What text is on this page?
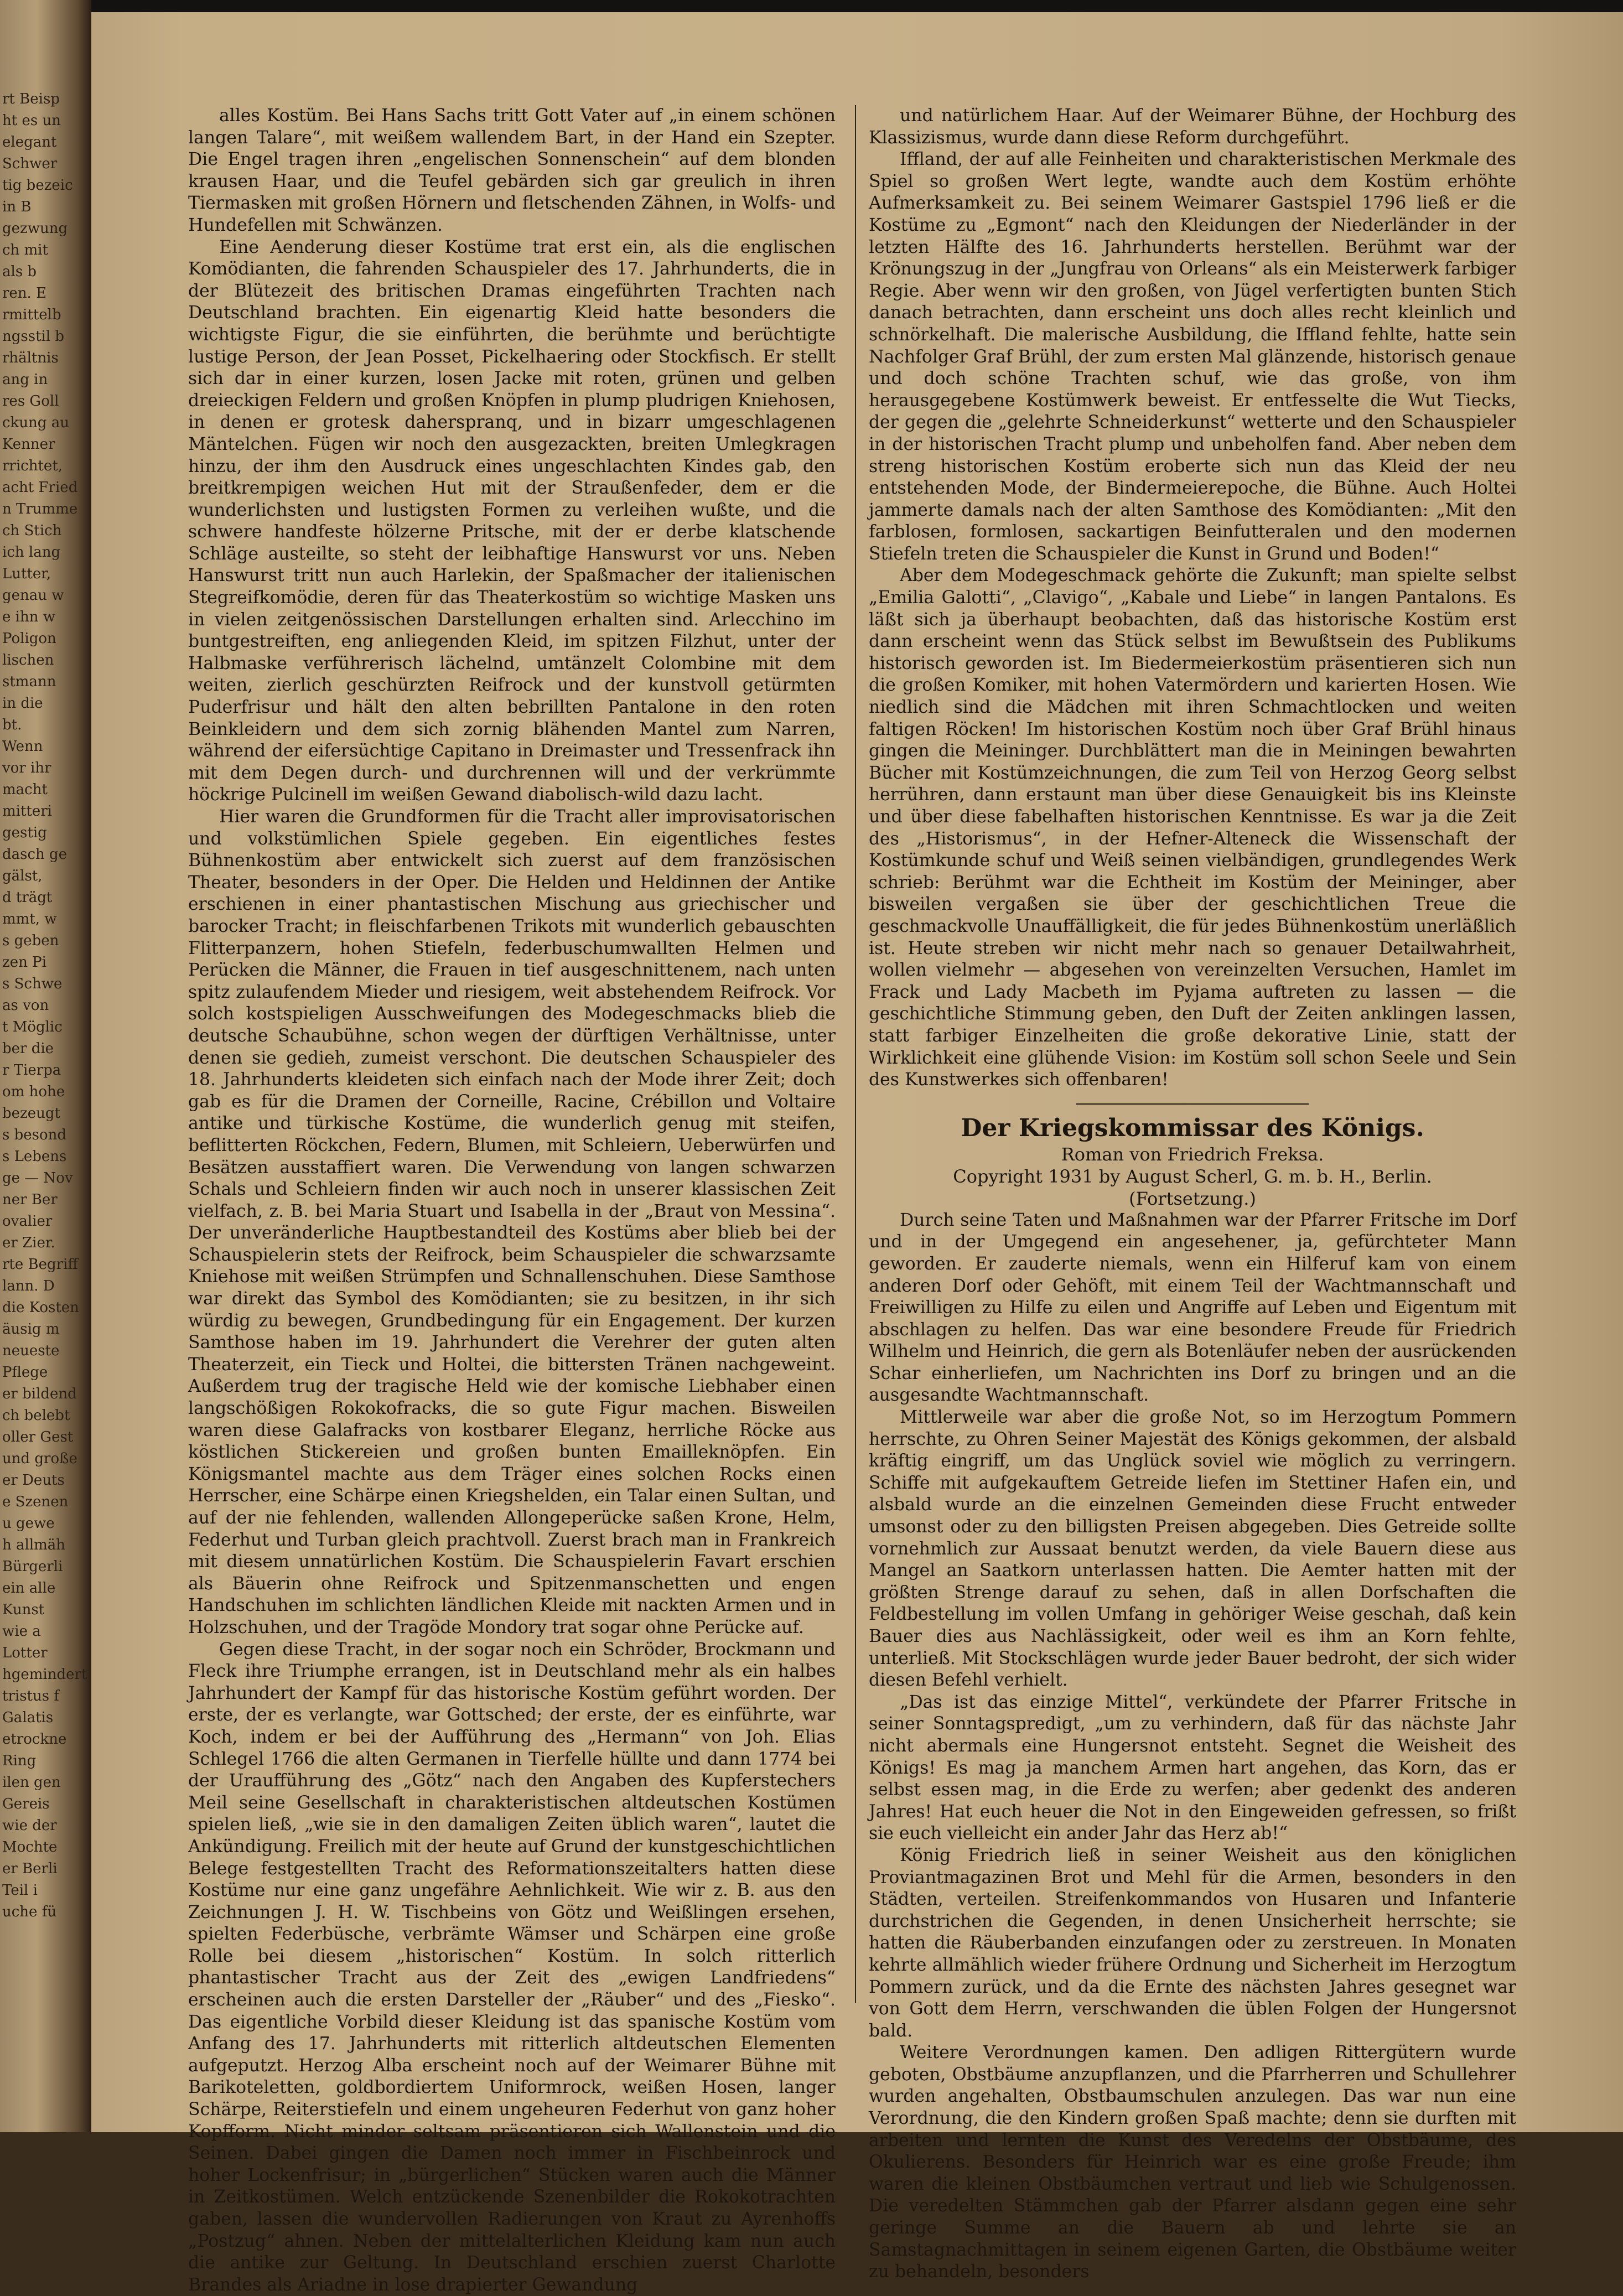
rt Beisp
ht es un
elegant
Schwer
tig bezeic
in B
gezwung
ch mit
als b
ren. E
rmittelb
ngsstil b
rhältnis
ang in
res Goll
ckung au
Kenner
rrichtet,
acht Fried
n Trumme
ch Stich
ich lang
Lutter,
genau w
e ihn w
Poligon
lischen
stmann
in die
bt.
Wenn
vor ihr
macht
mitteri
gestig
dasch ge
gälst,
d trägt
mmt, w
s geben
zen Pi
s Schwe
as von
t Möglic
ber die
r Tierpa
om hohe
bezeugt
s besond
s Lebens
ge — Nov
ner Ber
ovalier
er Zier.
rte Begriff
lann. D
die Kosten
äusig m
neueste
Pflege
er bildend
ch belebt
oller Gest
und große
er Deuts
e Szenen
u gewe
h allmäh
Bürgerli
ein alle
Kunst
wie a
Lotter
hgemindert
tristus f
Galatis
etrockne
Ring
ilen gen
Gereis
wie der
Mochte
er Berli
Teil i
uche fü

alles Kostüm. Bei Hans Sachs tritt Gott Vater auf „in einem schönen langen Talare“, mit weißem wallendem Bart, in der Hand ein Szepter. Die Engel tragen ihren „engelischen Sonnenschein“ auf dem blonden krausen Haar, und die Teufel gebärden sich gar greulich in ihren Tiermasken mit großen Hörnern und fletschenden Zähnen, in Wolfs- und Hundefellen mit Schwänzen.

Eine Aenderung dieser Kostüme trat erst ein, als die englischen Komödianten, die fahrenden Schauspieler des 17. Jahrhunderts, die in der Blütezeit des britischen Dramas eingeführten Trachten nach Deutschland brachten. Ein eigenartig Kleid hatte besonders die wichtigste Figur, die sie einführten, die berühmte und berüchtigte lustige Person, der Jean Posset, Pickelhaering oder Stockfisch. Er stellt sich dar in einer kurzen, losen Jacke mit roten, grünen und gelben dreieckigen Feldern und großen Knöpfen in plump pludrigen Kniehosen, in denen er grotesk daherspranq, und in bizarr umgeschlagenen Mäntelchen. Fügen wir noch den ausgezackten, breiten Umlegkragen hinzu, der ihm den Ausdruck eines ungeschlachten Kindes gab, den breitkrempigen weichen Hut mit der Straußenfeder, dem er die wunderlichsten und lustigsten Formen zu verleihen wußte, und die schwere handfeste hölzerne Pritsche, mit der er derbe klatschende Schläge austeilte, so steht der leibhaftige Hanswurst vor uns. Neben Hanswurst tritt nun auch Harlekin, der Spaßmacher der italienischen Stegreifkomödie, deren für das Theaterkostüm so wichtige Masken uns in vielen zeitgenössischen Darstellungen erhalten sind. Arlecchino im buntgestreiften, eng anliegenden Kleid, im spitzen Filzhut, unter der Halbmaske verführerisch lächelnd, umtänzelt Colombine mit dem weiten, zierlich geschürzten Reifrock und der kunstvoll getürmten Puderfrisur und hält den alten bebrillten Pantalone in den roten Beinkleidern und dem sich zornig blähenden Mantel zum Narren, während der eifersüchtige Capitano in Dreimaster und Tressenfrack ihn mit dem Degen durch- und durchrennen will und der verkrümmte höckrige Pulcinell im weißen Gewand diabolisch-wild dazu lacht.

Hier waren die Grundformen für die Tracht aller improvisatorischen und volkstümlichen Spiele gegeben. Ein eigentliches festes Bühnenkostüm aber entwickelt sich zuerst auf dem französischen Theater, besonders in der Oper. Die Helden und Heldinnen der Antike erschienen in einer phantastischen Mischung aus griechischer und barocker Tracht; in fleischfarbenen Trikots mit wunderlich gebauschten Flitterpanzern, hohen Stiefeln, federbuschumwallten Helmen und Perücken die Männer, die Frauen in tief ausgeschnittenem, nach unten spitz zulaufendem Mieder und riesigem, weit abstehendem Reifrock. Vor solch kostspieligen Ausschweifungen des Modegeschmacks blieb die deutsche Schaubühne, schon wegen der dürftigen Verhältnisse, unter denen sie gedieh, zumeist verschont. Die deutschen Schauspieler des 18. Jahrhunderts kleideten sich einfach nach der Mode ihrer Zeit; doch gab es für die Dramen der Corneille, Racine, Crébillon und Voltaire antike und türkische Kostüme, die wunderlich genug mit steifen, beflitterten Röckchen, Federn, Blumen, mit Schleiern, Ueberwürfen und Besätzen ausstaffiert waren. Die Verwendung von langen schwarzen Schals und Schleiern finden wir auch noch in unserer klassischen Zeit vielfach, z. B. bei Maria Stuart und Isabella in der „Braut von Messina“. Der unveränderliche Hauptbestandteil des Kostüms aber blieb bei der Schauspielerin stets der Reifrock, beim Schauspieler die schwarzsamte Kniehose mit weißen Strümpfen und Schnallenschuhen. Diese Samthose war direkt das Symbol des Komödianten; sie zu besitzen, in ihr sich würdig zu bewegen, Grundbedingung für ein Engagement. Der kurzen Samthose haben im 19. Jahrhundert die Verehrer der guten alten Theaterzeit, ein Tieck und Holtei, die bittersten Tränen nachgeweint. Außerdem trug der tragische Held wie der komische Liebhaber einen langschößigen Rokokofracks, die so gute Figur machen. Bisweilen waren diese Galafracks von kostbarer Eleganz, herrliche Röcke aus köstlichen Stickereien und großen bunten Emailleknöpfen. Ein Königsmantel machte aus dem Träger eines solchen Rocks einen Herrscher, eine Schärpe einen Kriegshelden, ein Talar einen Sultan, und auf der nie fehlenden, wallenden Allongeperücke saßen Krone, Helm, Federhut und Turban gleich prachtvoll. Zuerst brach man in Frankreich mit diesem unnatürlichen Kostüm. Die Schauspielerin Favart erschien als Bäuerin ohne Reifrock und Spitzenmanschetten und engen Handschuhen im schlichten ländlichen Kleide mit nackten Armen und in Holzschuhen, und der Tragöde Mondory trat sogar ohne Perücke auf.

Gegen diese Tracht, in der sogar noch ein Schröder, Brockmann und Fleck ihre Triumphe errangen, ist in Deutschland mehr als ein halbes Jahrhundert der Kampf für das historische Kostüm geführt worden. Der erste, der es verlangte, war Gottsched; der erste, der es einführte, war Koch, indem er bei der Aufführung des „Hermann“ von Joh. Elias Schlegel 1766 die alten Germanen in Tierfelle hüllte und dann 1774 bei der Uraufführung des „Götz“ nach den Angaben des Kupferstechers Meil seine Gesellschaft in charakteristischen altdeutschen Kostümen spielen ließ, „wie sie in den damaligen Zeiten üblich waren“, lautet die Ankündigung. Freilich mit der heute auf Grund der kunstgeschichtlichen Belege festgestellten Tracht des Reformationszeitalters hatten diese Kostüme nur eine ganz ungefähre Aehnlichkeit. Wie wir z. B. aus den Zeichnungen J. H. W. Tischbeins von Götz und Weißlingen ersehen, spielten Federbüsche, verbrämte Wämser und Schärpen eine große Rolle bei diesem „historischen“ Kostüm. In solch ritterlich phantastischer Tracht aus der Zeit des „ewigen Landfriedens“ erscheinen auch die ersten Darsteller der „Räuber“ und des „Fiesko“. Das eigentliche Vorbild dieser Kleidung ist das spanische Kostüm vom Anfang des 17. Jahrhunderts mit ritterlich altdeutschen Elementen aufgeputzt. Herzog Alba erscheint noch auf der Weimarer Bühne mit Barikoteletten, goldbordiertem Uniformrock, weißen Hosen, langer Schärpe, Reiterstiefeln und einem ungeheuren Federhut von ganz hoher Kopfform. Nicht minder seltsam präsentieren sich Wallenstein und die Seinen. Dabei gingen die Damen noch immer in Fischbeinrock und hoher Lockenfrisur; in „bürgerlichen“ Stücken waren auch die Männer in Zeitkostümen. Welch entzückende Szenenbilder die Rokokotrachten gaben, lassen die wundervollen Radierungen von Kraut zu Ayrenhoffs „Postzug“ ahnen. Neben der mittelalterlichen Kleidung kam nun auch die antike zur Geltung. In Deutschland erschien zuerst Charlotte Brandes als Ariadne in lose drapierter Gewandung

und natürlichem Haar. Auf der Weimarer Bühne, der Hochburg des Klassizismus, wurde dann diese Reform durchgeführt.

Iffland, der auf alle Feinheiten und charakteristischen Merkmale des Spiel so großen Wert legte, wandte auch dem Kostüm erhöhte Aufmerksamkeit zu. Bei seinem Weimarer Gastspiel 1796 ließ er die Kostüme zu „Egmont“ nach den Kleidungen der Niederländer in der letzten Hälfte des 16. Jahrhunderts herstellen. Berühmt war der Krönungszug in der „Jungfrau von Orleans“ als ein Meisterwerk farbiger Regie. Aber wenn wir den großen, von Jügel verfertigten bunten Stich danach betrachten, dann erscheint uns doch alles recht kleinlich und schnörkelhaft. Die malerische Ausbildung, die Iffland fehlte, hatte sein Nachfolger Graf Brühl, der zum ersten Mal glänzende, historisch genaue und doch schöne Trachten schuf, wie das große, von ihm herausgegebene Kostümwerk beweist. Er entfesselte die Wut Tiecks, der gegen die „gelehrte Schneiderkunst“ wetterte und den Schauspieler in der historischen Tracht plump und unbeholfen fand. Aber neben dem streng historischen Kostüm eroberte sich nun das Kleid der neu entstehenden Mode, der Bindermeierepoche, die Bühne. Auch Holtei jammerte damals nach der alten Samthose des Komödianten: „Mit den farblosen, formlosen, sackartigen Beinfutteralen und den modernen Stiefeln treten die Schauspieler die Kunst in Grund und Boden!“

Aber dem Modegeschmack gehörte die Zukunft; man spielte selbst „Emilia Galotti“, „Clavigo“, „Kabale und Liebe“ in langen Pantalons. Es läßt sich ja überhaupt beobachten, daß das historische Kostüm erst dann erscheint wenn das Stück selbst im Bewußtsein des Publikums historisch geworden ist. Im Biedermeierkostüm präsentieren sich nun die großen Komiker, mit hohen Vatermördern und karierten Hosen. Wie niedlich sind die Mädchen mit ihren Schmachtlocken und weiten faltigen Röcken! Im historischen Kostüm noch über Graf Brühl hinaus gingen die Meininger. Durchblättert man die in Meiningen bewahrten Bücher mit Kostümzeichnungen, die zum Teil von Herzog Georg selbst herrühren, dann erstaunt man über diese Genauigkeit bis ins Kleinste und über diese fabelhaften historischen Kenntnisse. Es war ja die Zeit des „Historismus“, in der Hefner-Alteneck die Wissenschaft der Kostümkunde schuf und Weiß seinen vielbändigen, grundlegendes Werk schrieb: Berühmt war die Echtheit im Kostüm der Meininger, aber bisweilen vergaßen sie über der geschichtlichen Treue die geschmackvolle Unauffälligkeit, die für jedes Bühnenkostüm unerläßlich ist. Heute streben wir nicht mehr nach so genauer Detailwahrheit, wollen vielmehr — abgesehen von vereinzelten Versuchen, Hamlet im Frack und Lady Macbeth im Pyjama auftreten zu lassen — die geschichtliche Stimmung geben, den Duft der Zeiten anklingen lassen, statt farbiger Einzelheiten die große dekorative Linie, statt der Wirklichkeit eine glühende Vision: im Kostüm soll schon Seele und Sein des Kunstwerkes sich offenbaren!

Der Kriegskommissar des Königs.

Roman von Friedrich Freksa.

Copyright 1931 by August Scherl, G. m. b. H., Berlin.

(Fortsetzung.)

Durch seine Taten und Maßnahmen war der Pfarrer Fritsche im Dorf und in der Umgegend ein angesehener, ja, gefürchteter Mann geworden. Er zauderte niemals, wenn ein Hilferuf kam von einem anderen Dorf oder Gehöft, mit einem Teil der Wachtmannschaft und Freiwilligen zu Hilfe zu eilen und Angriffe auf Leben und Eigentum mit abschlagen zu helfen. Das war eine besondere Freude für Friedrich Wilhelm und Heinrich, die gern als Botenläufer neben der ausrückenden Schar einherliefen, um Nachrichten ins Dorf zu bringen und an die ausgesandte Wachtmannschaft.

Mittlerweile war aber die große Not, so im Herzogtum Pommern herrschte, zu Ohren Seiner Majestät des Königs gekommen, der alsbald kräftig eingriff, um das Unglück soviel wie möglich zu verringern. Schiffe mit aufgekauftem Getreide liefen im Stettiner Hafen ein, und alsbald wurde an die einzelnen Gemeinden diese Frucht entweder umsonst oder zu den billigsten Preisen abgegeben. Dies Getreide sollte vornehmlich zur Aussaat benutzt werden, da viele Bauern diese aus Mangel an Saatkorn unterlassen hatten. Die Aemter hatten mit der größten Strenge darauf zu sehen, daß in allen Dorfschaften die Feldbestellung im vollen Umfang in gehöriger Weise geschah, daß kein Bauer dies aus Nachlässigkeit, oder weil es ihm an Korn fehlte, unterließ. Mit Stockschlägen wurde jeder Bauer bedroht, der sich wider diesen Befehl verhielt.

„Das ist das einzige Mittel“, verkündete der Pfarrer Fritsche in seiner Sonntagspredigt, „um zu verhindern, daß für das nächste Jahr nicht abermals eine Hungersnot entsteht. Segnet die Weisheit des Königs! Es mag ja manchem Armen hart angehen, das Korn, das er selbst essen mag, in die Erde zu werfen; aber gedenkt des anderen Jahres! Hat euch heuer die Not in den Eingeweiden gefressen, so frißt sie euch vielleicht ein ander Jahr das Herz ab!“

König Friedrich ließ in seiner Weisheit aus den königlichen Proviantmagazinen Brot und Mehl für die Armen, besonders in den Städten, verteilen. Streifenkommandos von Husaren und Infanterie durchstrichen die Gegenden, in denen Unsicherheit herrschte; sie hatten die Räuberbanden einzufangen oder zu zerstreuen. In Monaten kehrte allmählich wieder frühere Ordnung und Sicherheit im Herzogtum Pommern zurück, und da die Ernte des nächsten Jahres gesegnet war von Gott dem Herrn, verschwanden die üblen Folgen der Hungersnot bald.

Weitere Verordnungen kamen. Den adligen Rittergütern wurde geboten, Obstbäume anzupflanzen, und die Pfarrherren und Schullehrer wurden angehalten, Obstbaumschulen anzulegen. Das war nun eine Verordnung, die den Kindern großen Spaß machte; denn sie durften mit arbeiten und lernten die Kunst des Veredelns der Obstbäume, des Okulierens. Besonders für Heinrich war es eine große Freude; ihm waren die kleinen Obstbäumchen vertraut und lieb wie Schulgenossen. Die veredelten Stämmchen gab der Pfarrer alsdann gegen eine sehr geringe Summe an die Bauern ab und lehrte sie an Samstagnachmittagen in seinem eigenen Garten, die Obstbäume weiter zu behandeln, besonders
